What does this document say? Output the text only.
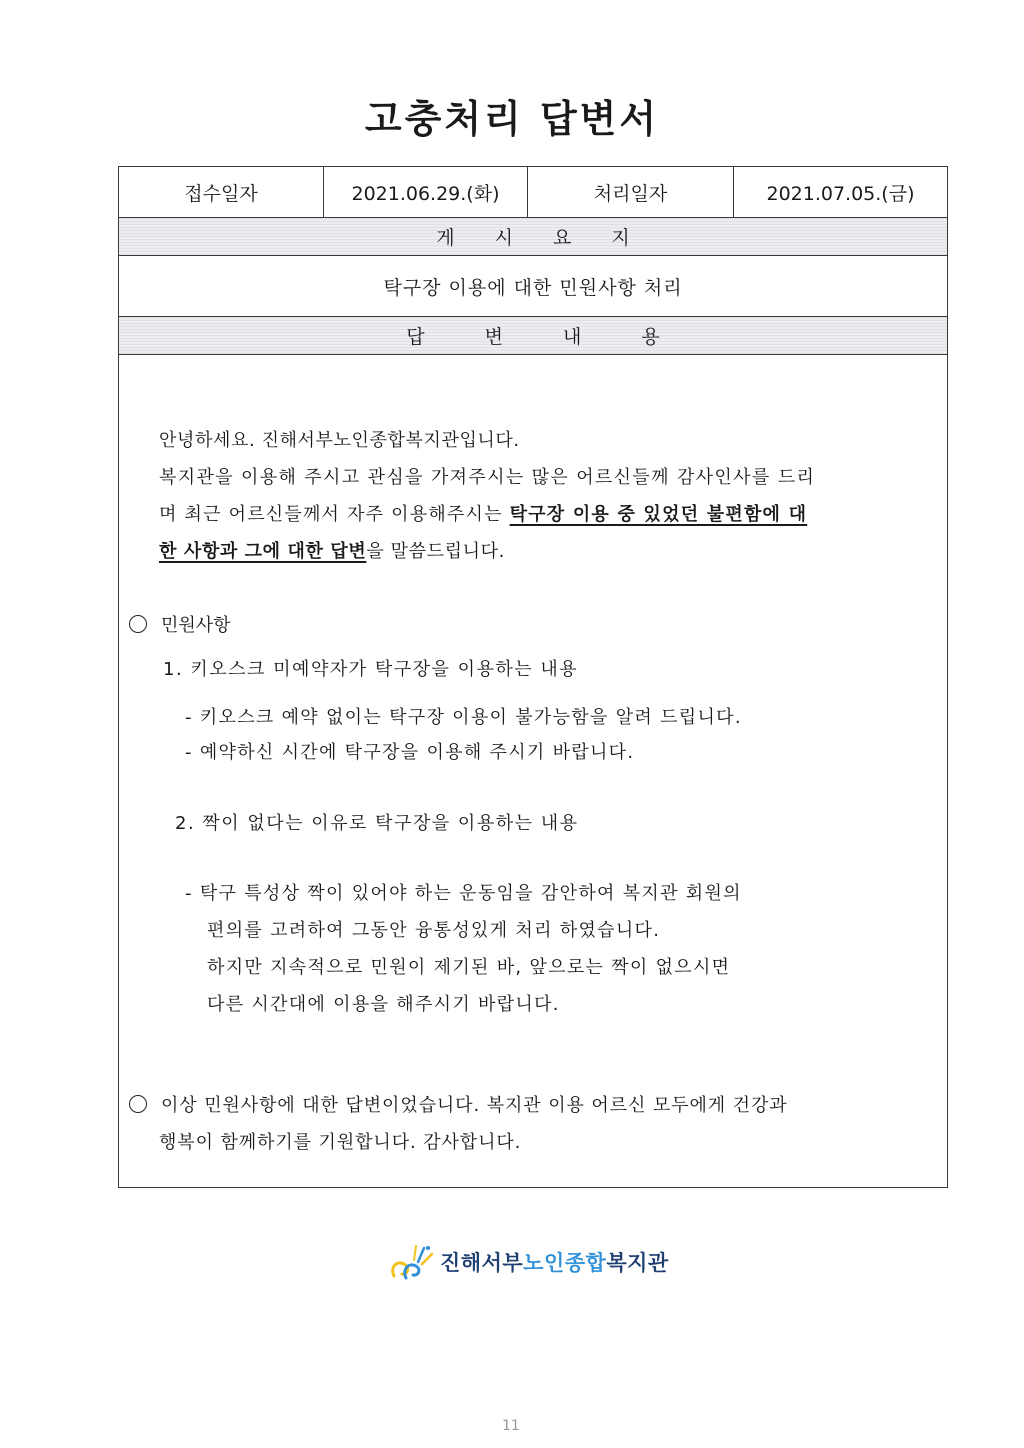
고충처리 답변서
접수일자	2021.06.29.(화)	처리일자	2021.07.05.(금)
게시요지
탁구장 이용에 대한 민원사항 처리
답변내용
안녕하세요. 진해서부노인종합복지관입니다.
복지관을 이용해 주시고 관심을 가져주시는 많은 어르신들께 감사인사를 드리
며 최근 어르신들께서 자주 이용해주시는 탁구장 이용 중 있었던 불편함에 대
한 사항과 그에 대한 답변을 말씀드립니다.
민원사항
1. 키오스크 미예약자가 탁구장을 이용하는 내용
- 키오스크 예약 없이는 탁구장 이용이 불가능함을 알려 드립니다.
- 예약하신 시간에 탁구장을 이용해 주시기 바랍니다.
2. 짝이 없다는 이유로 탁구장을 이용하는 내용
- 탁구 특성상 짝이 있어야 하는 운동임을 감안하여 복지관 회원의
편의를 고려하여 그동안 융통성있게 처리 하였습니다.
하지만 지속적으로 민원이 제기된 바, 앞으로는 짝이 없으시면
다른 시간대에 이용을 해주시기 바랍니다.
이상 민원사항에 대한 답변이었습니다. 복지관 이용 어르신 모두에게 건강과
행복이 함께하기를 기원합니다. 감사합니다.
진해서부노인종합복지관
11
